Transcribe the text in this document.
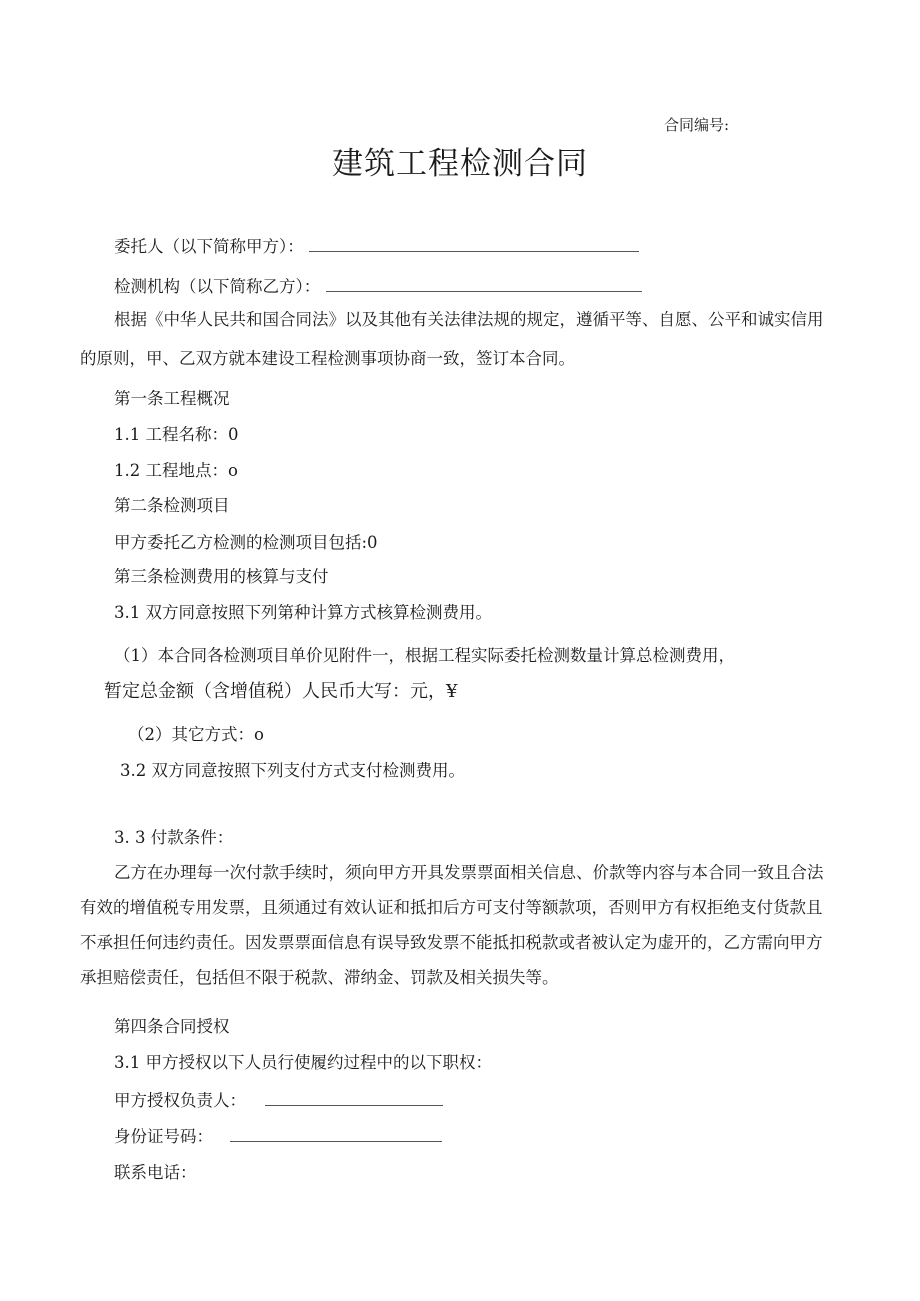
合同编号:
建筑工程检测合同
委托人（以下简称甲方）：
检测机构（以下简称乙方）：

根据《中华人民共和国合同法》以及其他有关法律法规的规定，遵循平等、自愿、公平和诚实信用

的原则，甲、乙双方就本建设工程检测事项协商一致，签订本合同。

第一条工程概况
1.1 工程名称：0
1.2 工程地点：o
第二条检测项目
甲方委托乙方检测的检测项目包括:0
第三条检测费用的核算与支付
3.1 双方同意按照下列第种计算方式核算检测费用。
（1）本合同各检测项目单价见附件一，根据工程实际委托检测数量计算总检测费用，
暂定总金额（含增值税）人民币大写：元，¥
（2）其它方式：o
3.2 双方同意按照下列支付方式支付检测费用。
3. 3 付款条件：

乙方在办理每一次付款手续时，须向甲方开具发票票面相关信息、价款等内容与本合同一致且合法

有效的增值税专用发票，且须通过有效认证和抵扣后方可支付等额款项，否则甲方有权拒绝支付货款且

不承担任何违约责任。因发票票面信息有误导致发票不能抵扣税款或者被认定为虚开的，乙方需向甲方

承担赔偿责任，包括但不限于税款、滞纳金、罚款及相关损失等。

第四条合同授权
3.1 甲方授权以下人员行使履约过程中的以下职权：
甲方授权负责人：
身份证号码：
联系电话：
